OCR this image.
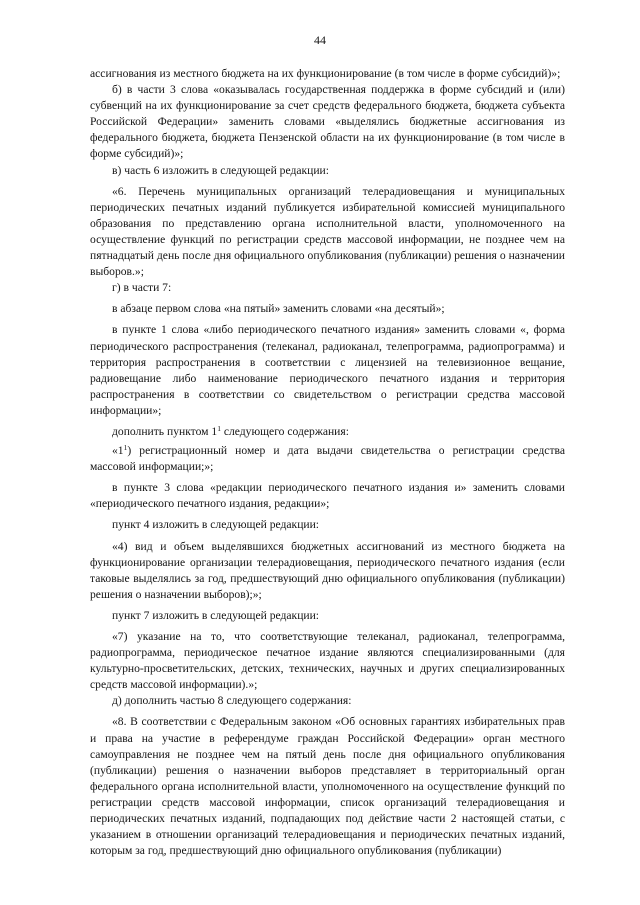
44

ассигнования из местного бюджета на их функционирование (в том числе в форме субсидий)»;

б) в части 3 слова «оказывалась государственная поддержка в форме субсидий и (или) субвенций на их функционирование за счет средств федерального бюджета, бюджета субъекта Российской Федерации» заменить словами «выделялись бюджетные ассигнования из федерального бюджета, бюджета Пензенской области на их функционирование (в том числе в форме субсидий)»;

в) часть 6 изложить в следующей редакции:

«6. Перечень муниципальных организаций телерадиовещания и муниципальных периодических печатных изданий публикуется избирательной комиссией муниципального образования по представлению органа исполнительной власти, уполномоченного на осуществление функций по регистрации средств массовой информации, не позднее чем на пятнадцатый день после дня официального опубликования (публикации) решения о назначении выборов.»;

г) в части 7:

в абзаце первом слова «на пятый» заменить словами «на десятый»;

в пункте 1 слова «либо периодического печатного издания» заменить словами «, форма периодического распространения (телеканал, радиоканал, телепрограмма, радиопрограмма) и территория распространения в соответствии с лицензией на телевизионное вещание, радиовещание либо наименование периодического печатного издания и территория распространения в соответствии со свидетельством о регистрации средства массовой информации»;

дополнить пунктом $1^1$ следующего содержания:

«$1^1$) регистрационный номер и дата выдачи свидетельства о регистрации средства массовой информации;»;

в пункте 3 слова «редакции периодического печатного издания и» заменить словами «периодического печатного издания, редакции»;

пункт 4 изложить в следующей редакции:

«4) вид и объем выделявшихся бюджетных ассигнований из местного бюджета на функционирование организации телерадиовещания, периодического печатного издания (если таковые выделялись за год, предшествующий дню официального опубликования (публикации) решения о назначении выборов);»;

пункт 7 изложить в следующей редакции:

«7) указание на то, что соответствующие телеканал, радиоканал, телепрограмма, радиопрограмма, периодическое печатное издание являются специализированными (для культурно-просветительских, детских, технических, научных и других специализированных средств массовой информации).»;

д) дополнить частью 8 следующего содержания:

«8. В соответствии с Федеральным законом «Об основных гарантиях избирательных прав и права на участие в референдуме граждан Российской Федерации» орган местного самоуправления не позднее чем на пятый день после дня официального опубликования (публикации) решения о назначении выборов представляет в территориальный орган федерального органа исполнительной власти, уполномоченного на осуществление функций по регистрации средств массовой информации, список организаций телерадиовещания и периодических печатных изданий, подпадающих под действие части 2 настоящей статьи, с указанием в отношении организаций телерадиовещания и периодических печатных изданий, которым за год, предшествующий дню официального опубликования (публикации)
